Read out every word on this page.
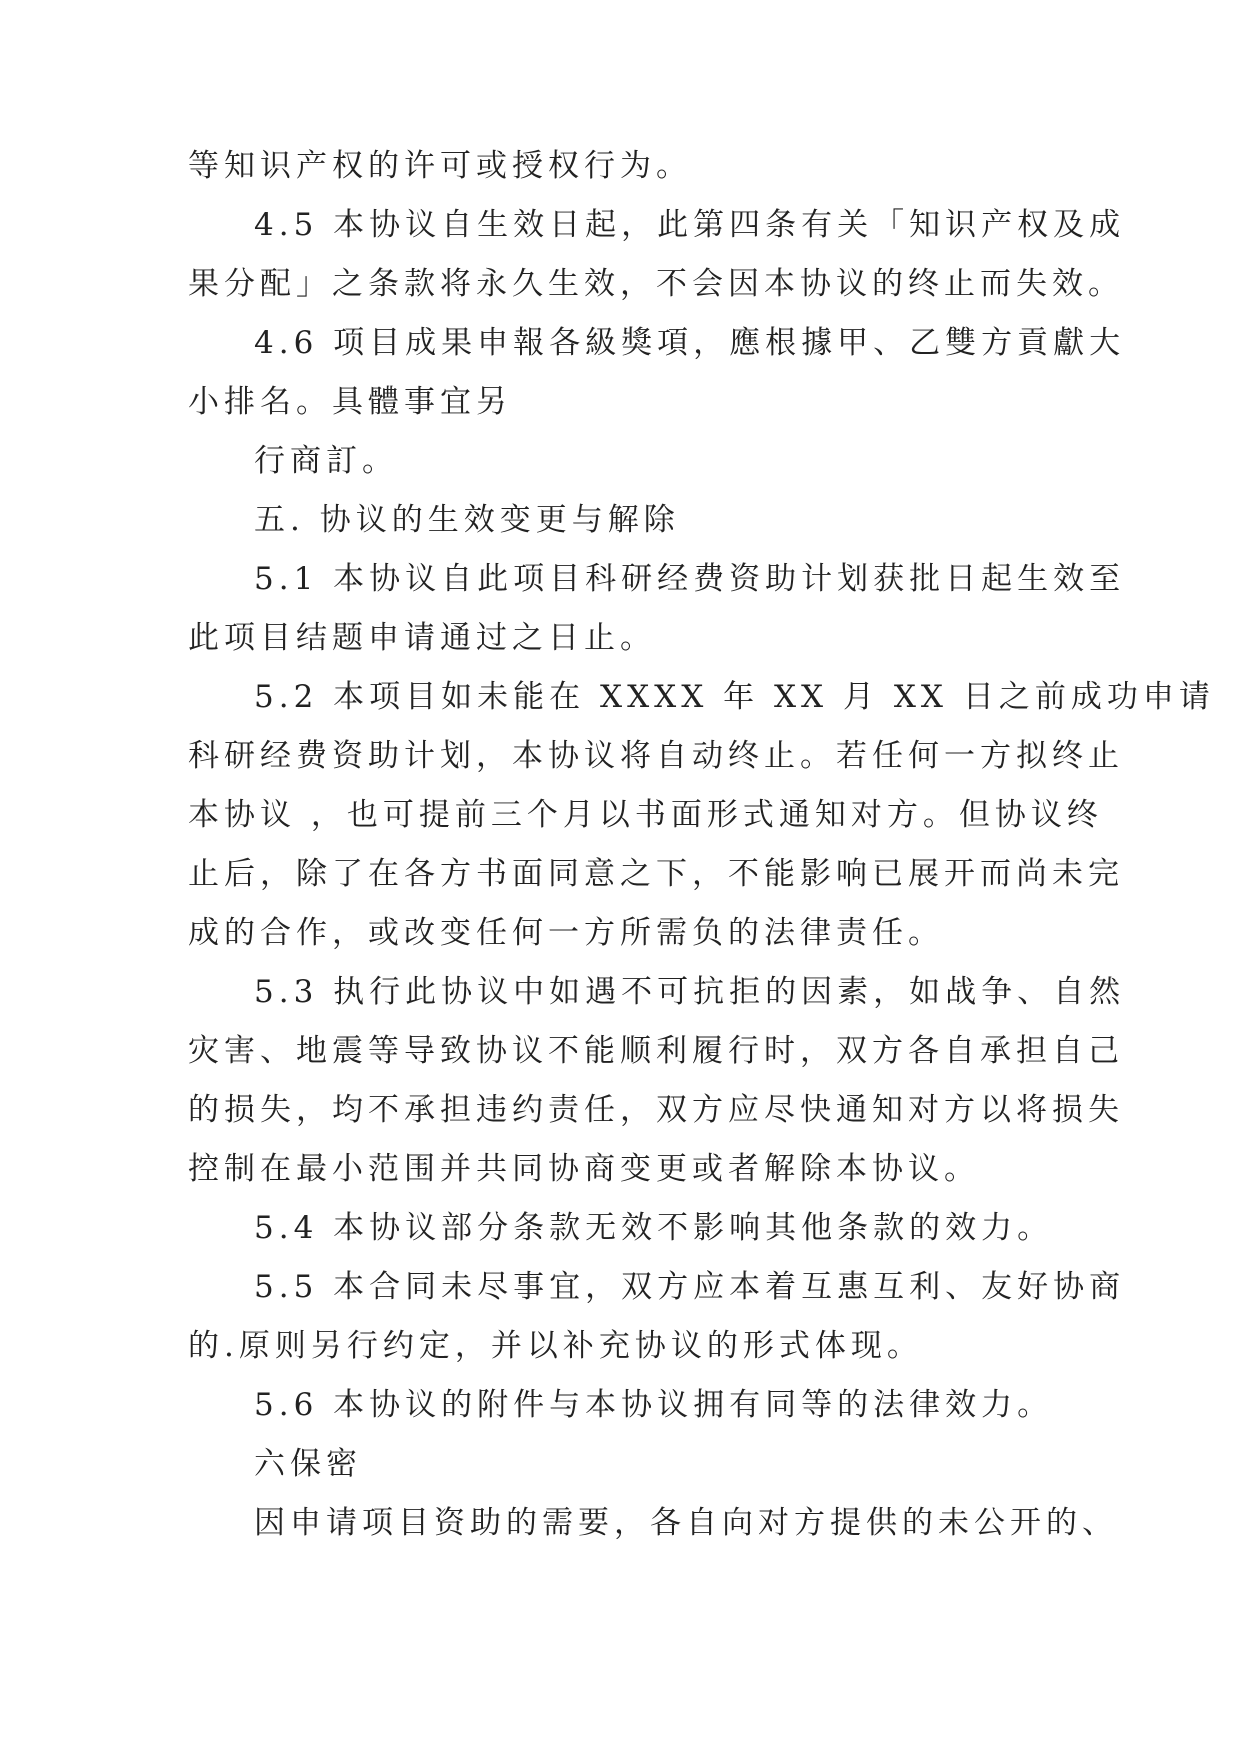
等知识产权的许可或授权行为。

4.5 本协议自生效日起，此第四条有关「知识产权及成

果分配」之条款将永久生效，不会因本协议的终止而失效。

4.6 项目成果申報各級獎項，應根據甲、乙雙方貢獻大

小排名。具體事宜另

行商訂。

五. 协议的生效变更与解除

5.1 本协议自此项目科研经费资助计划获批日起生效至

此项目结题申请通过之日止。

5.2 本项目如未能在 XXXX 年 XX 月 XX 日之前成功申请

科研经费资助计划，本协议将自动终止。若任何一方拟终止

本协议 ，也可提前三个月以书面形式通知对方。但协议终

止后，除了在各方书面同意之下，不能影响已展开而尚未完

成的合作，或改变任何一方所需负的法律责任。

5.3 执行此协议中如遇不可抗拒的因素，如战争、自然

灾害、地震等导致协议不能顺利履行时，双方各自承担自己

的损失，均不承担违约责任，双方应尽快通知对方以将损失

控制在最小范围并共同协商变更或者解除本协议。

5.4 本协议部分条款无效不影响其他条款的效力。

5.5 本合同未尽事宜，双方应本着互惠互利、友好协商

的.原则另行约定，并以补充协议的形式体现。

5.6 本协议的附件与本协议拥有同等的法律效力。

六保密

因申请项目资助的需要，各自向对方提供的未公开的、
